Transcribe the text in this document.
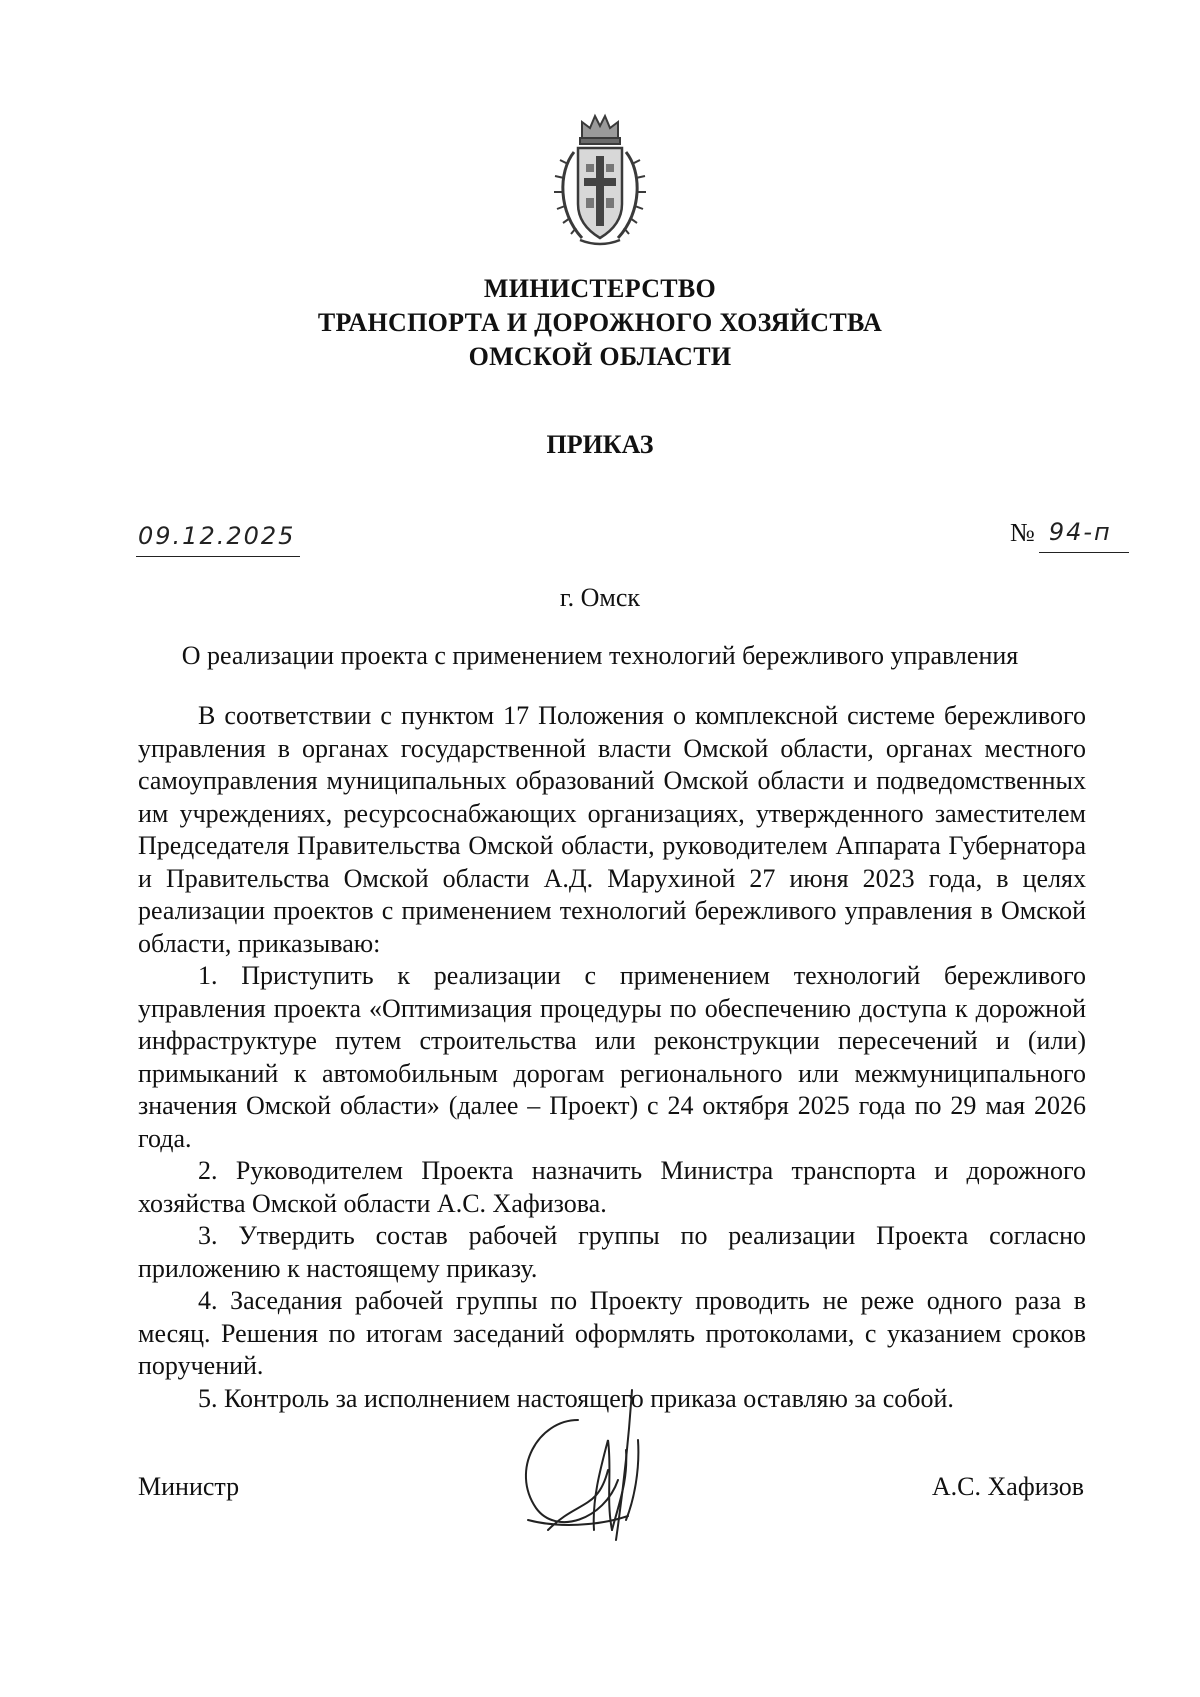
МИНИСТЕРСТВО
ТРАНСПОРТА И ДОРОЖНОГО ХОЗЯЙСТВА
ОМСКОЙ ОБЛАСТИ
ПРИКАЗ
09.12.2025	№ 94-п
г. Омск
О реализации проекта с применением технологий бережливого управления

В соответствии с пунктом 17 Положения о комплексной системе бережливого управления в органах государственной власти Омской области, органах местного самоуправления муниципальных образований Омской области и подведомственных им учреждениях, ресурсоснабжающих организациях, утвержденного заместителем Председателя Правительства Омской области, руководителем Аппарата Губернатора и Правительства Омской области А.Д. Марухиной 27 июня 2023 года, в целях реализации проектов с применением технологий бережливого управления в Омской области, приказываю:

1. Приступить к реализации с применением технологий бережливого управления проекта «Оптимизация процедуры по обеспечению доступа к дорожной инфраструктуре путем строительства или реконструкции пересечений и (или) примыканий к автомобильным дорогам регионального или межмуниципального значения Омской области» (далее – Проект) с 24 октября 2025 года по 29 мая 2026 года.

2. Руководителем Проекта назначить Министра транспорта и дорожного хозяйства Омской области А.С. Хафизова.

3. Утвердить состав рабочей группы по реализации Проекта согласно приложению к настоящему приказу.

4. Заседания рабочей группы по Проекту проводить не реже одного раза в месяц. Решения по итогам заседаний оформлять протоколами, с указанием сроков поручений.

5. Контроль за исполнением настоящего приказа оставляю за собой.

Министр	А.С. Хафизов
